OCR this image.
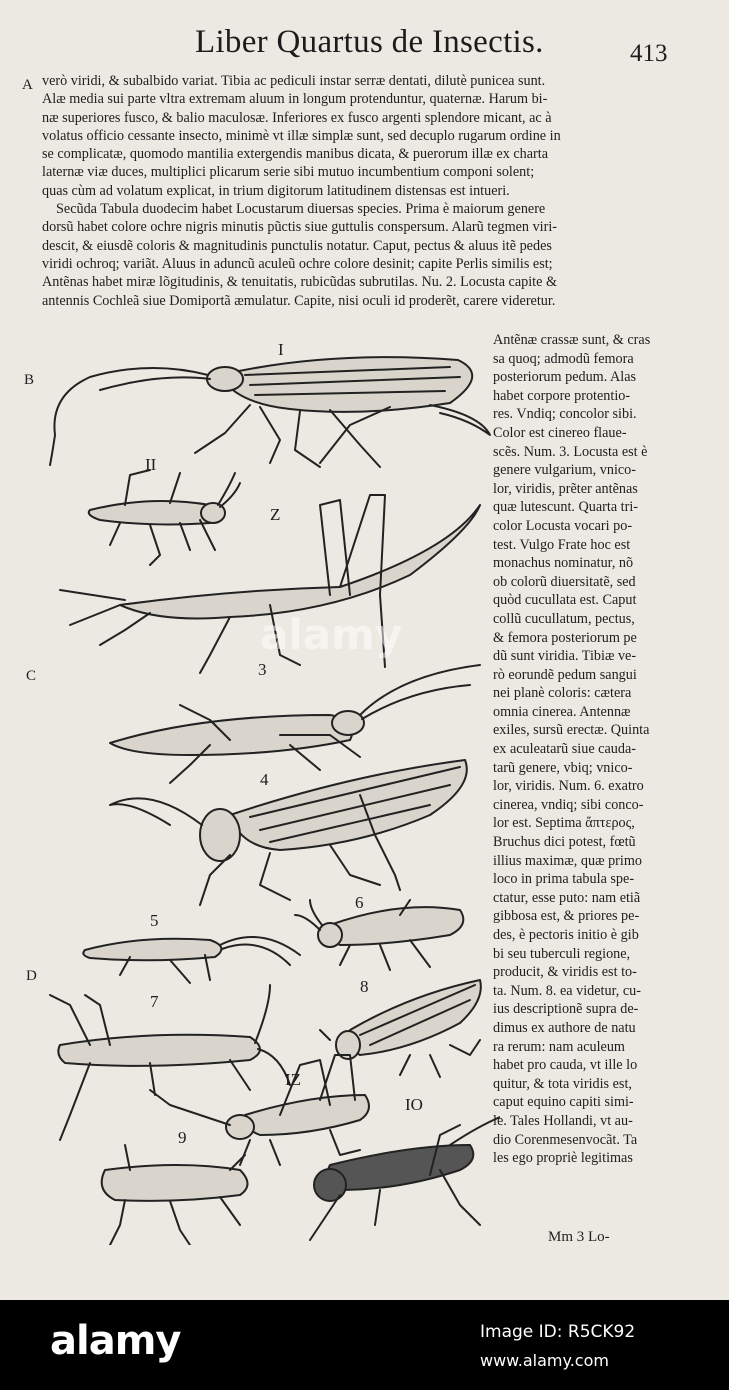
Liber Quartus de Insectis.	413
A
B
C
D
verò viridi, & subalbido variat. Tibia ac pediculi instar serræ dentati, dilutè punicea sunt.
Alæ media sui parte vltra extremam aluum in longum protenduntur, quaternæ. Harum bi-
næ superiores fusco, & balio maculosæ. Inferiores ex fusco argenti splendore micant, ac à
volatus officio cessante insecto, minimè vt illæ simplæ sunt, sed decuplo rugarum ordine in
se complicatæ, quomodo mantilia extergendis manibus dicata, & puerorum illæ ex charta
laternæ viæ duces, multiplici plicarum serie sibi mutuo incumbentium componi solent;
quas cùm ad volatum explicat, in trium digitorum latitudinem distensas est intueri.
Secũda Tabula duodecim habet Locustarum diuersas species. Prima è maiorum genere
dorsũ habet colore ochre nigris minutis pũctis siue guttulis conspersum. Alarũ tegmen viri-
descit, & eiusdẽ coloris & magnitudinis punctulis notatur. Caput, pectus & aluus itẽ pedes
viridi ochroq; variãt. Aluus in aduncũ aculeũ ochre colore desinit; capite Perlis similis est;
Antẽnas habet miræ lõgitudinis, & tenuitatis, rubicũdas subrutilas. Nu. 2. Locusta capite &
antennis Cochleã siue Domiportã æmulatur. Capite, nisi oculi id proderẽt, carere videretur.
Antẽnæ crassæ sunt, & cras
sa quoq; admodũ femora
posteriorum pedum. Alas
habet corpore protentio-
res. Vndiq; concolor sibi.
Color est cinereo flaue-
scẽs. Num. 3. Locusta est è
genere vulgarium, vnico-
lor, viridis, prẽter antẽnas
quæ lutescunt. Quarta tri-
color Locusta vocari po-
test. Vulgo Frate hoc est
monachus nominatur, nõ
ob colorũ diuersitatẽ, sed
quòd cucullata est. Caput
collũ cucullatum, pectus,
& femora posteriorum pe
dũ sunt viridia. Tibiæ ve-
rò eorundẽ pedum sangui
nei planè coloris: cætera
omnia cinerea. Antennæ
exiles, sursũ erectæ. Quinta
ex aculeatarũ siue cauda-
tarũ genere, vbiq; vnico-
lor, viridis. Num. 6. exatro
cinerea, vndiq; sibi conco-
lor est. Septima ἄπτερος,
Bruchus dici potest, fœtũ
illius maximæ, quæ primo
loco in prima tabula spe-
ctatur, esse puto: nam etiã
gibbosa est, & priores pe-
des, è pectoris initio è gib
bi seu tuberculi regione,
producit, & viridis est to-
ta. Num. 8. ea videtur, cu-
ius descriptionẽ supra de-
dimus ex authore de natu
ra rerum: nam aculeum
habet pro cauda, vt ille lo
quitur, & tota viridis est,
caput equino capiti simi-
le. Tales Hollandi, vt au-
dio Corenmesenvocãt. Ta
les ego propriè legitimas
I
II
Z
3
4
5
6
7
8
9
IZ
IO
Mm 3 Lo-
alamy
alamy	Image ID: R5CK92
www.alamy.com
